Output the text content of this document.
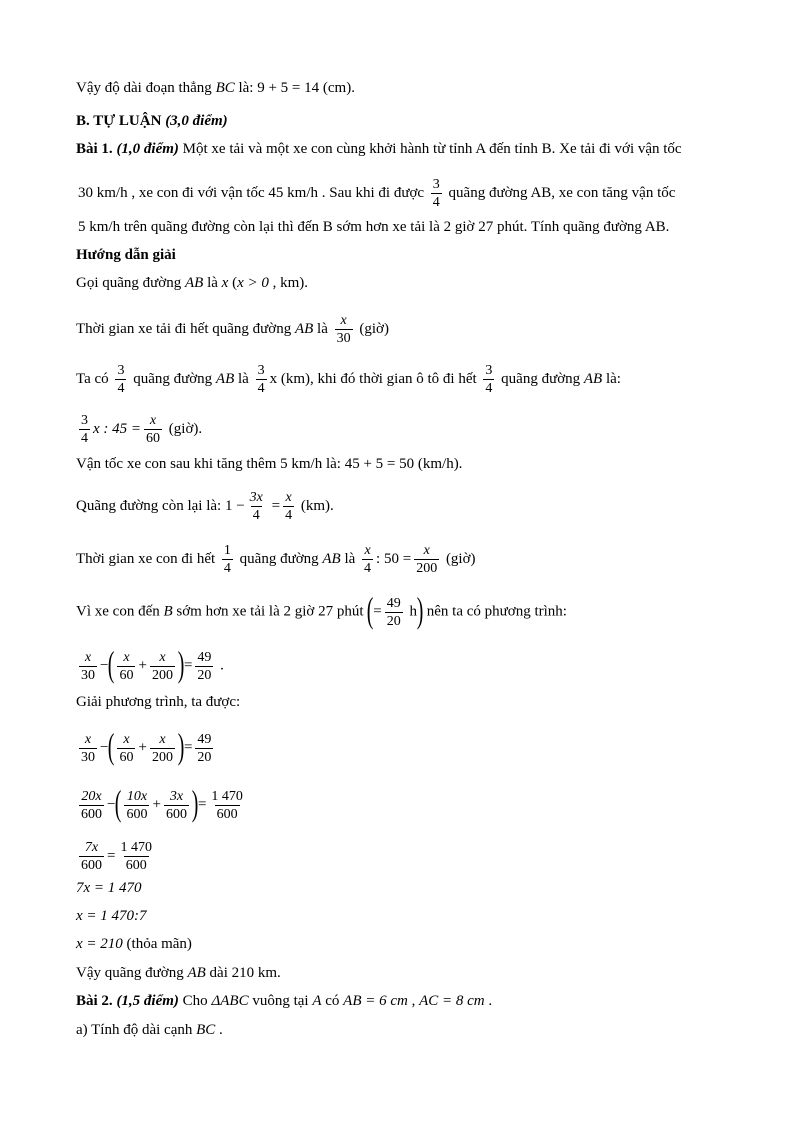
Vậy độ dài đoạn thẳng BC là: 9 + 5 = 14 (cm).
B. TỰ LUẬN (3,0 điểm)
Bài 1. (1,0 điểm) Một xe tải và một xe con cùng khởi hành từ tỉnh A đến tỉnh B. Xe tải đi với vận tốc
30 km/h , xe con đi với vận tốc 45 km/h . Sau khi đi được $\frac{3}{4}$ quãng đường AB, xe con tăng vận tốc
5 km/h trên quãng đường còn lại thì đến B sớm hơn xe tải là 2 giờ 27 phút. Tính quãng đường AB.
Hướng dẫn giải
Gọi quãng đường AB là x (x > 0 , km).
Thời gian xe tải đi hết quãng đường AB là $\frac{x}{30}$ (giờ)
Ta có $\frac{3}{4}$ quãng đường AB là $\frac{3}{4}$ x (km), khi đó thời gian ô tô đi hết $\frac{3}{4}$ quãng đường AB là:
$\frac{3}{4}$ x : $45 = \frac{x}{60}$ (giờ).
Vận tốc xe con sau khi tăng thêm 5 km/h là: 45 + 5 = 50 (km/h).
Quãng đường còn lại là: $1 - \frac{3x}{4} = \frac{x}{4} (km)$.
Thời gian xe con đi hết $\frac{1}{4}$ quãng đường AB là $\frac{x}{4}$ : $50 = \frac{x}{200}$ (giờ)
Vì xe con đến B sớm hơn xe tải là 2 giờ 27 phút (= $\frac{49}{20} h$) nên ta có phương trình:
$\frac{x}{30}$ −( $\frac{x}{60} + \frac{x}{200}$ )= $\frac{49}{20}$ .
Giải phương trình, ta được:
$\frac{x}{30}$ −( $\frac{x}{60} + \frac{x}{200}$ )= $\frac{49}{20}$
$\frac{20x}{600}$ −( $\frac{10x}{600} + \frac{3x}{600}$ )= $\frac{1 470}{600}$
$\frac{7x}{600} = \frac{1 470}{600}$
7x = 1 470
x = 1 470:7
x = 210 (thỏa mãn)
Vậy quãng đường AB dài 210 km.
Bài 2. (1,5 điểm) Cho ΔABC vuông tại A có AB = 6 cm , AC = 8 cm .
a) Tính độ dài cạnh BC .
